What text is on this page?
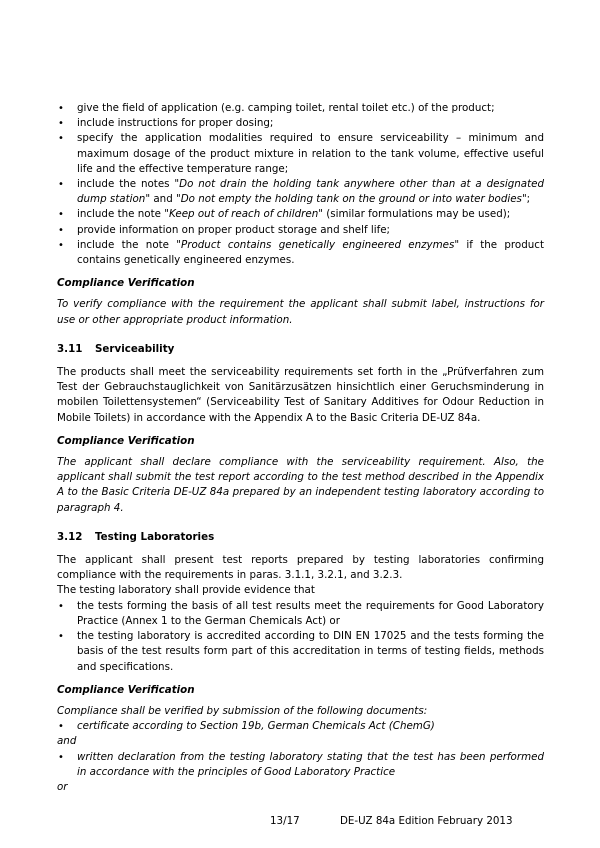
• give the field of application (e.g. camping toilet, rental toilet etc.) of the product;
• include instructions for proper dosing;
• specify the application modalities required to ensure serviceability – minimum and maximum dosage of the product mixture in relation to the tank volume, effective useful life and the effective temperature range;
• include the notes "Do not drain the holding tank anywhere other than at a designated dump station" and "Do not empty the holding tank on the ground or into water bodies";
• include the note "Keep out of reach of children" (similar formulations may be used);
• provide information on proper product storage and shelf life;
• include the note "Product contains genetically engineered enzymes" if the product contains genetically engineered enzymes.

Compliance Verification

To verify compliance with the requirement the applicant shall submit label, instructions for use or other appropriate product information.

3.11 Serviceability

The products shall meet the serviceability requirements set forth in the „Prüfverfahren zum Test der Gebrauchstauglichkeit von Sanitärzusätzen hinsichtlich einer Geruchsminderung in mobilen Toilettensystemen“ (Serviceability Test of Sanitary Additives for Odour Reduction in Mobile Toilets) in accordance with the Appendix A to the Basic Criteria DE-UZ 84a.

Compliance Verification

The applicant shall declare compliance with the serviceability requirement. Also, the applicant shall submit the test report according to the test method described in the Appendix A to the Basic Criteria DE-UZ 84a prepared by an independent testing laboratory according to paragraph 4.

3.12 Testing Laboratories

The applicant shall present test reports prepared by testing laboratories confirming compliance with the requirements in paras. 3.1.1, 3.2.1, and 3.2.3.

The testing laboratory shall provide evidence that

• the tests forming the basis of all test results meet the requirements for Good Laboratory Practice (Annex 1 to the German Chemicals Act) or
• the testing laboratory is accredited according to DIN EN 17025 and the tests forming the basis of the test results form part of this accreditation in terms of testing fields, methods and specifications.

Compliance Verification

Compliance shall be verified by submission of the following documents:

• certificate according to Section 19b, German Chemicals Act (ChemG)

and

• written declaration from the testing laboratory stating that the test has been performed in accordance with the principles of Good Laboratory Practice

or

13/17	DE-UZ 84a Edition February 2013
